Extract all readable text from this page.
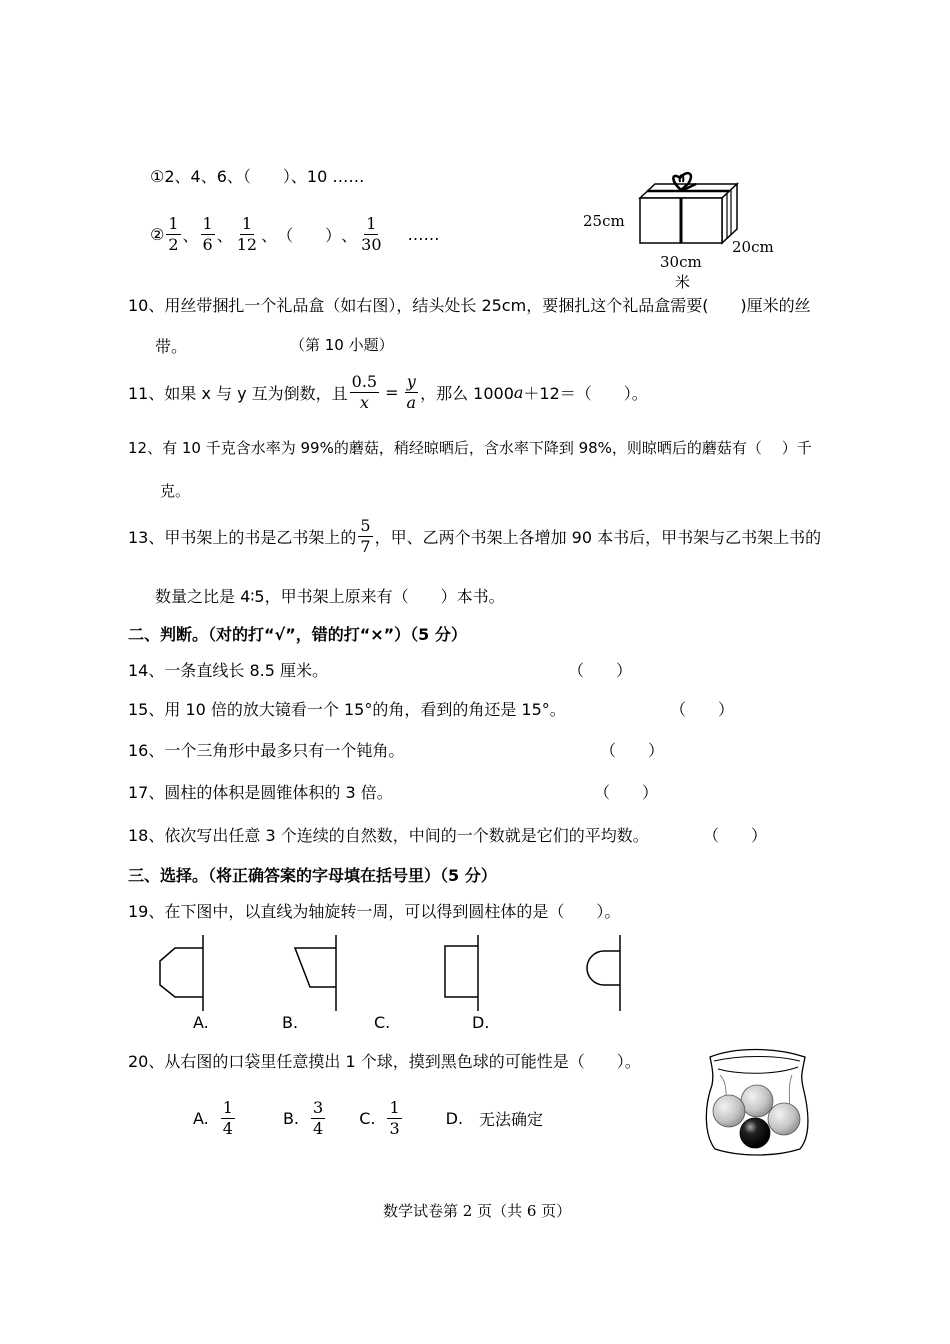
①2、4、6、（　　）、10 ……
② $\frac{1}{2}$ 、 $\frac{1}{6}$ 、 $\frac{1}{12}$ 、 （　　） 、 $\frac{1}{30}$ ……
25cm
20cm
30cm
米
10、用丝带捆扎一个礼品盒（如右图），结头处长 25cm，要捆扎这个礼品盒需要(　　)厘米的丝
带。	（第 10 小题）
11、如果 x 与 y 互为倒数，且 $\frac{0.5}{x} = \frac{y}{a}$ ，那么 1000 a ＋12＝（　　）。
12、有 10 千克含水率为 99%的蘑菇，稍经晾晒后，含水率下降到 98%，则晾晒后的蘑菇有（　 ）千
克。
13、甲书架上的书是乙书架上的 $\frac{5}{7}$ ，甲、乙两个书架上各增加 90 本书后，甲书架与乙书架上书的
数量之比是 4∶5，甲书架上原来有（　　）本书。
二、判断。（对的打“√”，错的打“×”）（5 分）
14、一条直线长 8.5 厘米。	（　　）
15、用 10 倍的放大镜看一个 15°的角，看到的角还是 15°。	（　　）
16、一个三角形中最多只有一个钝角。	（　　）
17、圆柱的体积是圆锥体积的 3 倍。	（　　）
18、依次写出任意 3 个连续的自然数，中间的一个数就是它们的平均数。	（　　）
三、选择。（将正确答案的字母填在括号里）（5 分）
19、在下图中，以直线为轴旋转一周，可以得到圆柱体的是（　　）。
A.	B.	C.	D.
20、从右图的口袋里任意摸出 1 个球，摸到黑色球的可能性是（　　）。
A. $\frac{1}{4}$	B. $\frac{3}{4} C$. $\frac{1}{3}$	D. 无法确定
数学试卷第 2 页（共 6 页）
